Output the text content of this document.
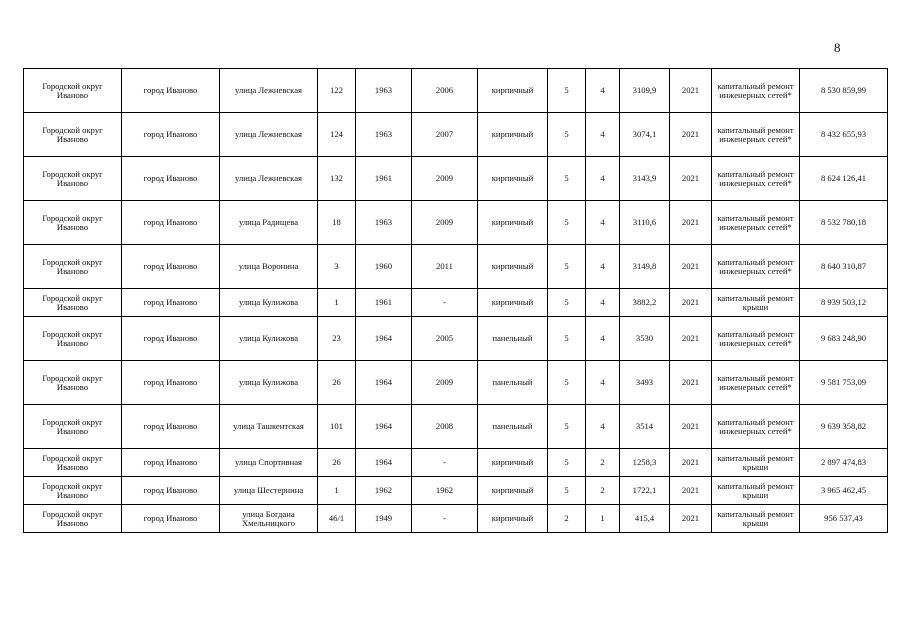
8
Городской округ Иваново	город Иваново	улица Лежневская	122	1963	2006	кирпичный	5	4	3109,9	2021	капитальный ремонт инженерных сетей*	8 530 859,99
Городской округ Иваново	город Иваново	улица Лежневская	124	1963	2007	кирпичный	5	4	3074,1	2021	капитальный ремонт инженерных сетей*	8 432 655,93
Городской округ Иваново	город Иваново	улица Лежневская	132	1961	2009	кирпичный	5	4	3143,9	2021	капитальный ремонт инженерных сетей*	8 624 126,41
Городской округ Иваново	город Иваново	улица Радищева	18	1963	2009	кирпичный	5	4	3110,6	2021	капитальный ремонт инженерных сетей*	8 532 780,18
Городской округ Иваново	город Иваново	улица Воронина	3	1960	2011	кирпичный	5	4	3149,8	2021	капитальный ремонт инженерных сетей*	8 640 310,87
Городской округ Иваново	город Иваново	улица Кулижова	1	1961	-	кирпичный	5	4	3882,2	2021	капитальный ремонт крыши	8 939 503,12
Городской округ Иваново	город Иваново	улица Кулижова	23	1964	2005	панельный	5	4	3530	2021	капитальный ремонт инженерных сетей*	9 683 248,90
Городской округ Иваново	город Иваново	улица Кулижова	26	1964	2009	панельный	5	4	3493	2021	капитальный ремонт инженерных сетей*	9 581 753,09
Городской округ Иваново	город Иваново	улица Ташкентская	101	1964	2008	панельный	5	4	3514	2021	капитальный ремонт инженерных сетей*	9 639 358,82
Городской округ Иваново	город Иваново	улица Спортивная	26	1964	-	кирпичный	5	2	1258,3	2021	капитальный ремонт крыши	2 897 474,83
Городской округ Иваново	город Иваново	улица Шестернина	1	1962	1962	кирпичный	5	2	1722,1	2021	капитальный ремонт крыши	3 965 462,45
Городской округ Иваново	город Иваново	улица Богдана Хмельницкого	46/1	1949	-	кирпичный	2	1	415,4	2021	капитальный ремонт крыши	956 537,43
